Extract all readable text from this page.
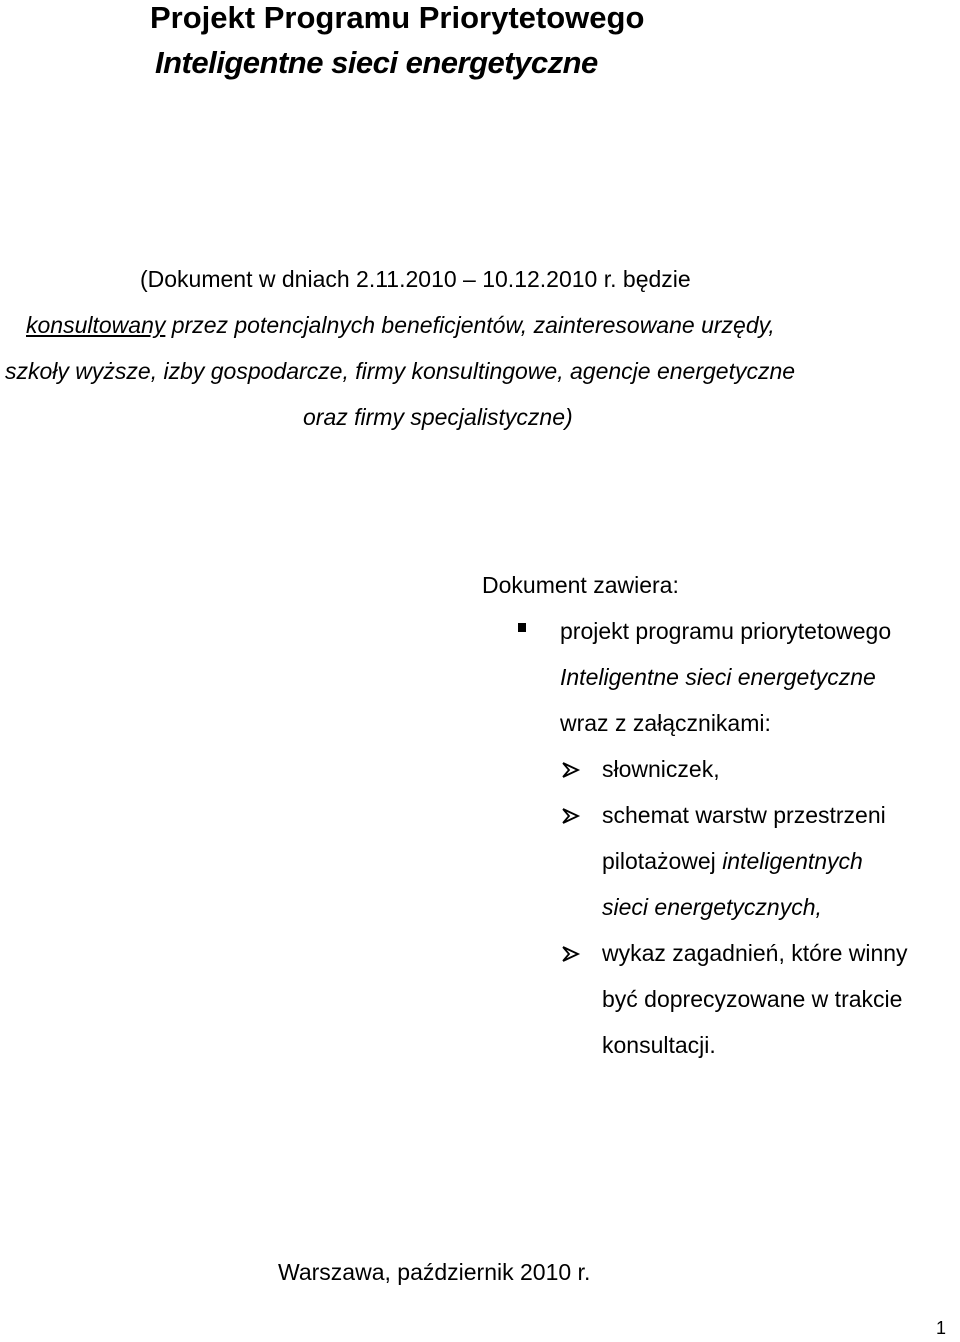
Projekt Programu Priorytetowego
Inteligentne sieci energetyczne
(Dokument w dniach 2.11.2010 – 10.12.2010 r. będzie
konsultowany przez potencjalnych beneficjentów, zainteresowane urzędy,
szkoły wyższe, izby gospodarcze, firmy konsultingowe, agencje energetyczne
oraz firmy specjalistyczne)
Dokument zawiera:
projekt programu priorytetowego
Inteligentne sieci energetyczne
wraz z załącznikami:
słowniczek,
schemat warstw przestrzeni
pilotażowej inteligentnych
sieci energetycznych,
wykaz zagadnień, które winny
być doprecyzowane w trakcie
konsultacji.
Warszawa, październik 2010 r.
1
